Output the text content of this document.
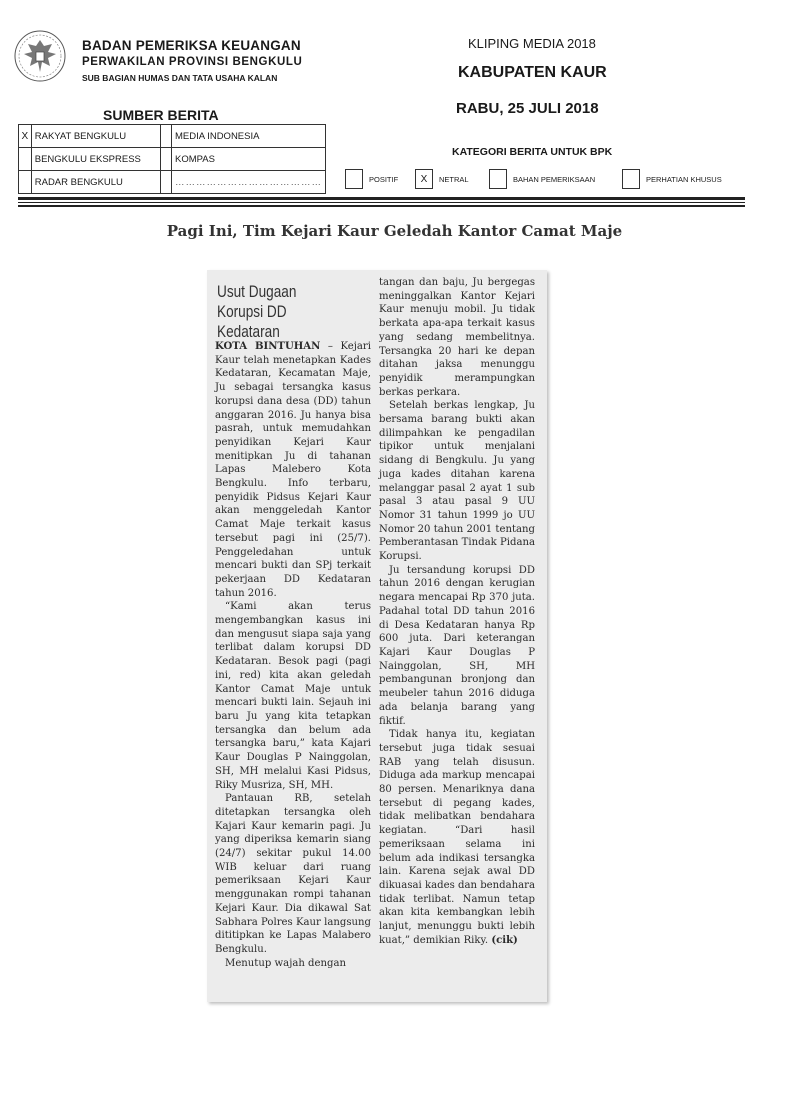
BADAN PEMERIKSA KEUANGAN
PERWAKILAN PROVINSI BENGKULU
SUB BAGIAN HUMAS DAN TATA USAHA KALAN
KLIPING MEDIA 2018
KABUPATEN KAUR
RABU, 25 JULI 2018
SUMBER BERITA
X	RAKYAT BENGKULU		MEDIA INDONESIA
	BENGKULU EKSPRESS		KOMPAS
	RADAR BENGKULU		……………………………………
KATEGORI BERITA UNTUK BPK
POSITIF	X	NETRAL	BAHAN PEMERIKSAAN	PERHATIAN KHUSUS
Pagi Ini, Tim Kejari Kaur Geledah Kantor Camat Maje
Usut Dugaan
Korupsi DD Kedataran

KOTA BINTUHAN – Kejari Kaur telah menetapkan Kades Kedataran, Kecamatan Maje, Ju sebagai tersangka kasus korupsi dana desa (DD) tahun anggaran 2016. Ju hanya bisa pasrah, untuk memudahkan penyidikan Kejari Kaur menitipkan Ju di tahanan Lapas Malebero Kota Bengkulu. Info terbaru, penyidik Pidsus Kejari Kaur akan menggeledah Kantor Camat Maje terkait kasus tersebut pagi ini (25/7). Penggeledahan untuk mencari bukti dan SPj terkait pekerjaan DD Kedataran tahun 2016.

“Kami akan terus mengembangkan kasus ini dan mengusut siapa saja yang terlibat dalam korupsi DD Kedataran. Besok pagi (pagi ini, red) kita akan geledah Kantor Camat Maje untuk mencari bukti lain. Sejauh ini baru Ju yang kita tetapkan tersangka dan belum ada tersangka baru,” kata Kajari Kaur Douglas P Nainggolan, SH, MH melalui Kasi Pidsus, Riky Musriza, SH, MH.

Pantauan RB, setelah ditetapkan tersangka oleh Kajari Kaur kemarin pagi. Ju yang diperiksa kemarin siang (24/7) sekitar pukul 14.00 WIB keluar dari ruang pemeriksaan Kejari Kaur menggunakan rompi tahanan Kejari Kaur. Dia dikawal Sat Sabhara Polres Kaur langsung dititipkan ke Lapas Malabero Bengkulu.

Menutup wajah dengan

tangan dan baju, Ju bergegas meninggalkan Kantor Kejari Kaur menuju mobil. Ju tidak berkata apa-apa terkait kasus yang sedang membelitnya. Tersangka 20 hari ke depan ditahan jaksa menunggu penyidik merampungkan berkas perkara.

Setelah berkas lengkap, Ju bersama barang bukti akan dilimpahkan ke pengadilan tipikor untuk menjalani sidang di Bengkulu. Ju yang juga kades ditahan karena melanggar pasal 2 ayat 1 sub pasal 3 atau pasal 9 UU Nomor 31 tahun 1999 jo UU Nomor 20 tahun 2001 tentang Pemberantasan Tindak Pidana Korupsi.

Ju tersandung korupsi DD tahun 2016 dengan kerugian negara mencapai Rp 370 juta. Padahal total DD tahun 2016 di Desa Kedataran hanya Rp 600 juta. Dari keterangan Kajari Kaur Douglas P Nainggolan, SH, MH pembangunan bronjong dan meubeler tahun 2016 diduga ada belanja barang yang fiktif.

Tidak hanya itu, kegiatan tersebut juga tidak sesuai RAB yang telah disusun. Diduga ada markup mencapai 80 persen. Menariknya dana tersebut di pegang kades, tidak melibatkan bendahara kegiatan. “Dari hasil pemeriksaan selama ini belum ada indikasi tersangka lain. Karena sejak awal DD dikuasai kades dan bendahara tidak terlibat. Namun tetap akan kita kembangkan lebih lanjut, menunggu bukti lebih kuat,” demikian Riky. (cik)
